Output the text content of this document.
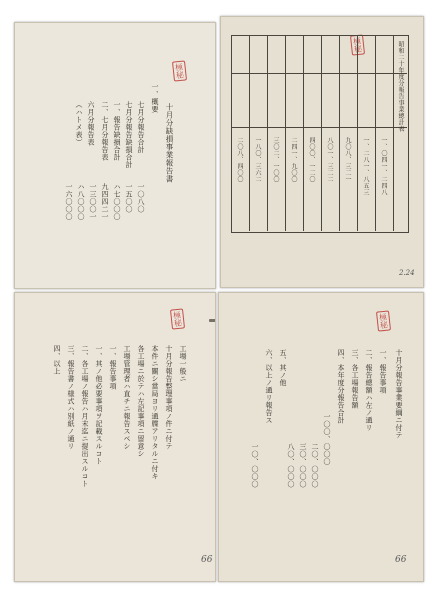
極秘
十月分缺損事業報告書
一、概要
七月分報告合計
七月分報告缺損合計
一、報告缺損合計
二、七月分報告表
六月分報告表
（ハトメ表）
一〇八〇
一五〇〇
ハ七〇〇〇
九四四二一
一三〇〇一
ハ八〇〇〇
一六〇〇〇
昭和二十年度分報告事業總計表
一、〇四一、二四八
一、二八一、八五三
九〇八、三二一
八〇一、三二二
四〇〇、一二〇
二四一、九〇〇
三〇二、一〇〇
一八〇、三六二
二〇八、四〇〇
2.24
極秘
工場一般ニ
十月分報告整理事項ノ件ニ付テ
本件ニ關シ當局ヨリ通牒アリタルニ付キ
各工場ニ於テハ左記事項ニ留意シ
工場管理者ハ直チニ報告スベシ
一、報告事項
一、其ノ他必要事項ヲ記載スルコト
二、各工場ノ報告ハ月末迄ニ提出スルコト
三、報告書ノ様式ハ別紙ノ通リ
四、以上
66
極秘
十月分報告事業要綱ニ付テ
一、報告事項
二、報告總額ハ左ノ通リ
三、各工場報告額
四、本年度分報告合計
五、其ノ他
六、以上ノ通リ報告ス
一〇〇、〇〇〇
二〇、〇〇〇
三〇、〇〇〇
八〇、〇〇〇
一〇、〇〇〇
66
